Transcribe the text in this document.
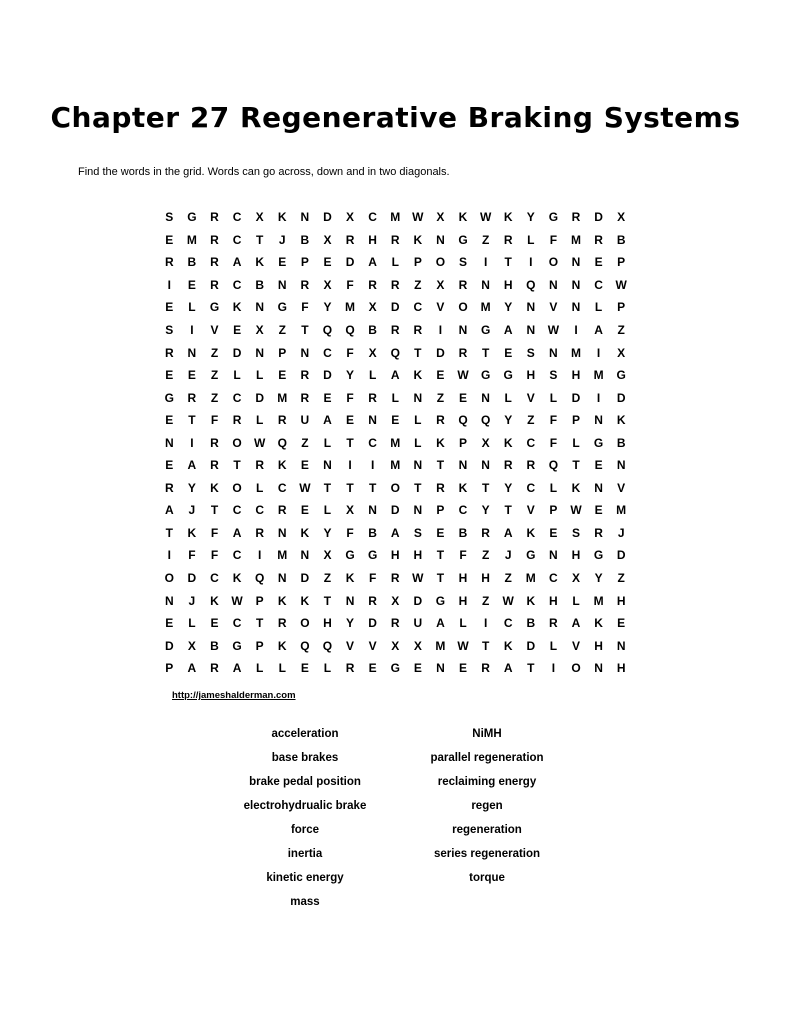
Chapter 27 Regenerative Braking Systems

Find the words in the grid. Words can go across, down and in two diagonals.

S	G	R	C	X	K	N	D	X	C	M W	X	K	W	K	Y	G	R	D	X
E	M	R	C	T	J	B	X	R	H	R	K	N	G	Z	R	L	F	M	R	B
R	B	R	A	K	E	P	E	D	A	L	P	O	S	I	T	I	O	N	E	P
I	E	R	C	B	N	R	X	F	R	R	Z	X	R	N	H	Q	N	N	C	W
E	L	G	K	N	G	F	Y	M	X	D	C	V	O	M	Y	N	V	N	L	P
S	I	V	E	X	Z	T	Q	Q	B	R	R	I	N	G	A	N	W	I	A	Z
R	N	Z	D	N	P	N	C	F	X	Q	T	D	R	T	E	S	N	M	I	X
E	E	Z	L	L	E	R	D	Y	L	A	K	E	W	G	G	H	S	H	M	G
G	R	Z	C	D	M	R	E	F	R	L	N	Z	E	N	L	V	L	D	I	D
E	T	F	R	L	R	U	A	E	N	E	L	R	Q	Q	Y	Z	F	P	N	K
N	I	R	O	W	Q	Z	L	T	C	M	L	K	P	X	K	C	F	L	G	B
E	A	R	T	R	K	E	N	I	I	M	N	T	N	N	R	R	Q	T	E	N
R	Y	K	O	L	C	W	T	T	T	O	T	R	K	T	Y	C	L	K	N	V
A	J	T	C	C	R	E	L	X	N	D	N	P	C	Y	T	V	P	W	E	M
T	K	F	A	R	N	K	Y	F	B	A	S	E	B	R	A	K	E	S	R	J
I	F	F	C	I	M	N	X	G	G	H	H	T	F	Z	J	G	N	H	G	D
O	D	C	K	Q	N	D	Z	K	F	R	W	T	H	H	Z	M	C	X	Y	Z
N	J	K	W	P	K	K	T	N	R	X	D	G	H	Z	W	K	H	L	M	H
E	L	E	C	T	R	O	H	Y	D	R	U	A	L	I	C	B	R	A	K	E
D	X	B	G	P	K	Q	Q	V	V	X	X	M W	T	K	D	L	V	H	N
P	A	R	A	L	L	E	L	R	E	G	E	N	E	R	A	T	I	O	N	H
http://jameshalderman.com
acceleration
base brakes
brake pedal position
electrohydrualic brake
force
inertia
kinetic energy
mass
NiMH
parallel regeneration
reclaiming energy
regen
regeneration
series regeneration
torque
